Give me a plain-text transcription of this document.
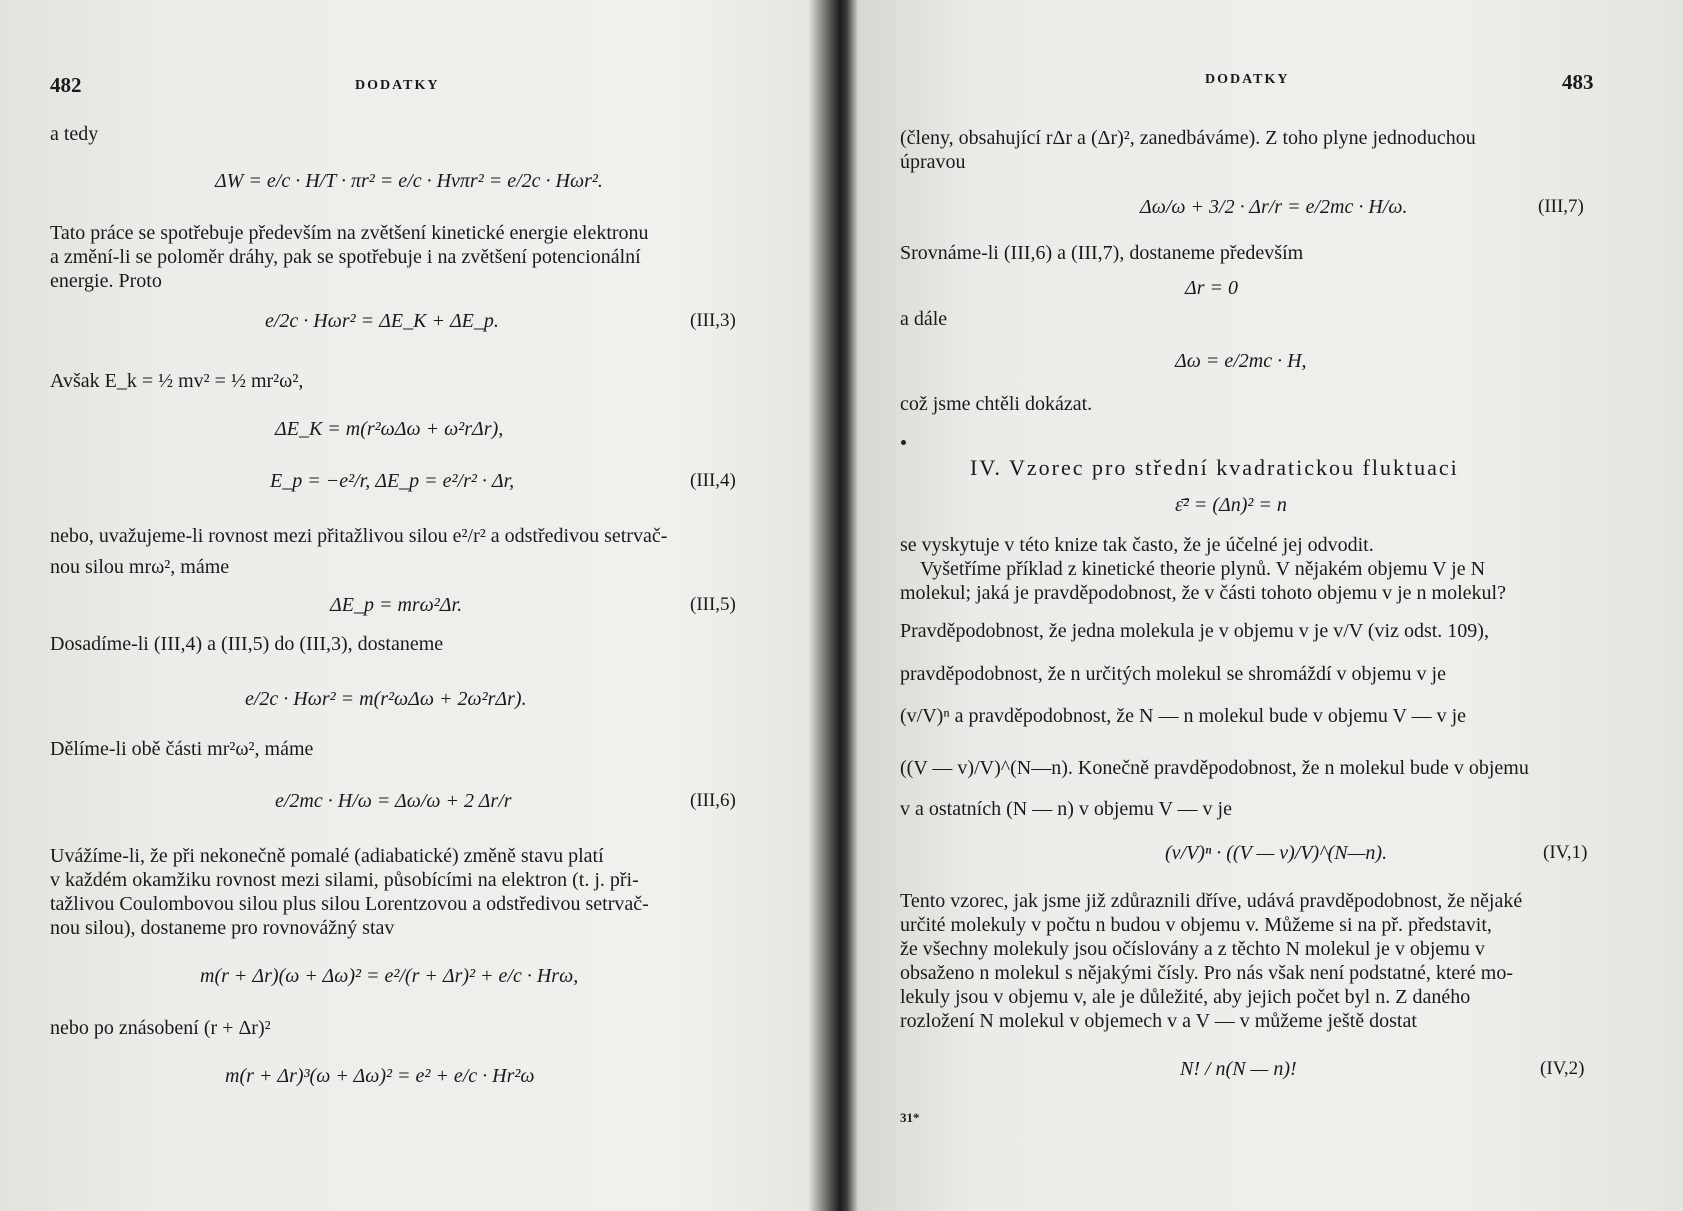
482	DODATKY
a tedy
ΔW = e/c · H/T · πr² = e/c · Hνπr² = e/2c · Hωr².
Tato práce se spotřebuje především na zvětšení kinetické energie elektronu
a změní-li se poloměr dráhy, pak se spotřebuje i na zvětšení potencionální
energie. Proto
e/2c · Hωr² = ΔE_K + ΔE_p.	(III,3)
Avšak E_k = ½ mv² = ½ mr²ω²,
ΔE_K = m(r²ωΔω + ω²rΔr),
E_p = −e²/r, ΔE_p = e²/r² · Δr,	(III,4)
nebo, uvažujeme-li rovnost mezi přitažlivou silou e²/r² a odstředivou setrvač-
nou silou mrω², máme
ΔE_p = mrω²Δr.	(III,5)
Dosadíme-li (III,4) a (III,5) do (III,3), dostaneme
e/2c · Hωr² = m(r²ωΔω + 2ω²rΔr).
Dělíme-li obě části mr²ω², máme
e/2mc · H/ω = Δω/ω + 2 Δr/r	(III,6)
Uvážíme-li, že při nekonečně pomalé (adiabatické) změně stavu platí
v každém okamžiku rovnost mezi silami, působícími na elektron (t. j. při-
tažlivou Coulombovou silou plus silou Lorentzovou a odstředivou setrvač-
nou silou), dostaneme pro rovnovážný stav
m(r + Δr)(ω + Δω)² = e²/(r + Δr)² + e/c · Hrω,
nebo po znásobení (r + Δr)²
m(r + Δr)³(ω + Δω)² = e² + e/c · Hr²ω
DODATKY	483
(členy, obsahující rΔr a (Δr)², zanedbáváme). Z toho plyne jednoduchou
úpravou
Δω/ω + 3/2 · Δr/r = e/2mc · H/ω.	(III,7)
Srovnáme-li (III,6) a (III,7), dostaneme především
Δr = 0
a dále
Δω = e/2mc · H,
což jsme chtěli dokázat.
IV. Vzorec pro střední kvadratickou fluktuaci
ε̄² = (Δn)² = n
se vyskytuje v této knize tak často, že je účelné jej odvodit.
Vyšetříme příklad z kinetické theorie plynů. V nějakém objemu V je N
molekul; jaká je pravděpodobnost, že v části tohoto objemu v je n molekul?
Pravděpodobnost, že jedna molekula je v objemu v je v/V (viz odst. 109),
pravděpodobnost, že n určitých molekul se shromáždí v objemu v je
(v/V)ⁿ a pravděpodobnost, že N — n molekul bude v objemu V — v je
((V — v)/V)^(N—n). Konečně pravděpodobnost, že n molekul bude v objemu
v a ostatních (N — n) v objemu V — v je
(v/V)ⁿ · ((V — v)/V)^(N—n).	(IV,1)
Tento vzorec, jak jsme již zdůraznili dříve, udává pravděpodobnost, že nějaké
určité molekuly v počtu n budou v objemu v. Můžeme si na př. představit,
že všechny molekuly jsou očíslovány a z těchto N molekul je v objemu v
obsaženo n molekul s nějakými čísly. Pro nás však není podstatné, které mo-
lekuly jsou v objemu v, ale je důležité, aby jejich počet byl n. Z daného
rozložení N molekul v objemech v a V — v můžeme ještě dostat
N! / n(N — n)!	(IV,2)
31*
